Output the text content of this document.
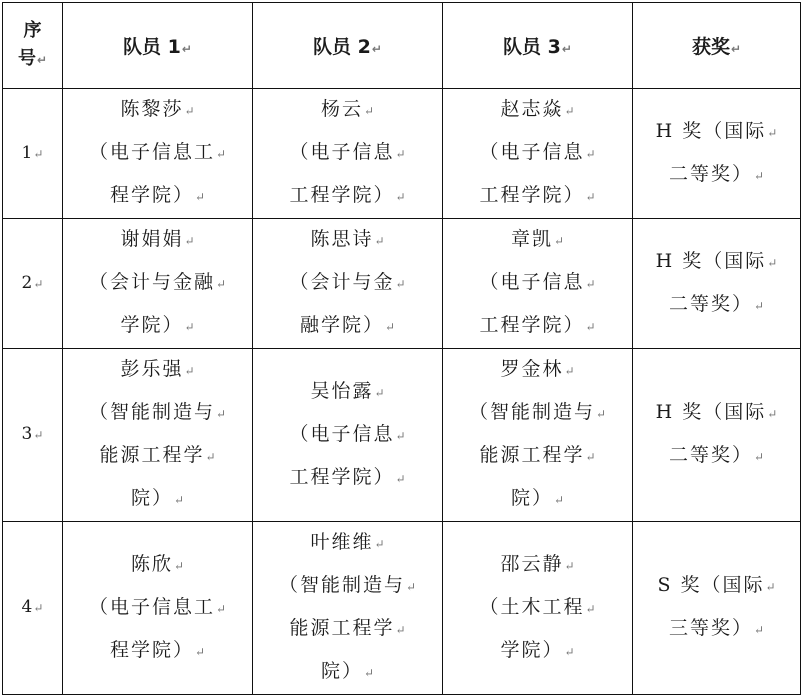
序
号↵	队员 1↵	队员 2↵	队员 3↵	获奖↵
1↵	陈黎莎↵
（电子信息工↵
程学院）↵	杨云↵
（电子信息↵
工程学院）↵	赵志焱↵
（电子信息↵
工程学院）↵	H 奖（国际↵
二等奖）↵

2↵	谢娟娟↵
（会计与金融↵
学院）↵	陈思诗↵
（会计与金↵
融学院）↵	章凯↵
（电子信息↵
工程学院）↵	H 奖（国际↵
二等奖）↵

3↵	彭乐强↵
（智能制造与↵
能源工程学↵
院）↵	吴怡露↵
（电子信息↵
工程学院）↵	罗金林↵
（智能制造与↵
能源工程学↵
院）↵	H 奖（国际↵
二等奖）↵

4↵	陈欣↵
（电子信息工↵
程学院）↵	叶维维↵
（智能制造与↵
能源工程学↵
院）↵	邵云静↵
（土木工程↵
学院）↵	S 奖（国际↵
三等奖）↵
